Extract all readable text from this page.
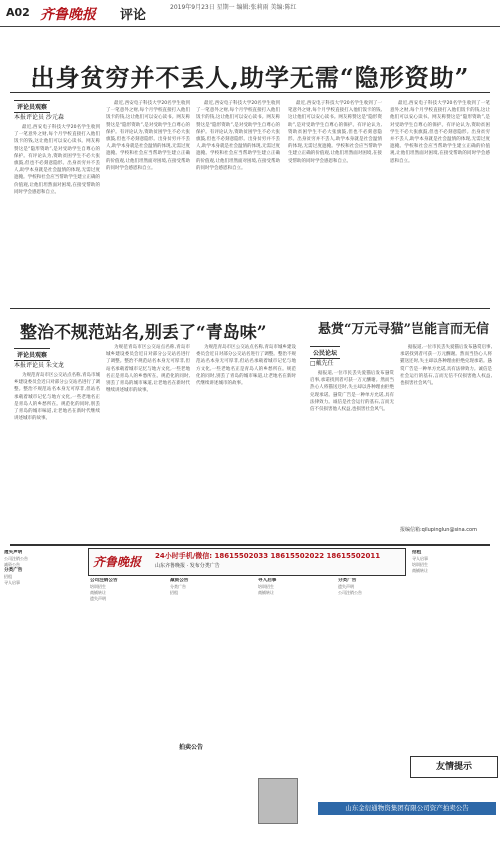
A02 齐鲁晚报 评论
2019年9月23日 星期一 编辑:张莉雨 美编:陈红
出身贫穷并不丢人,助学无需“隐形资助”
评论员观察
本报评论员 沙元森

最近,西安电子科技大学20名学生收到了一笔意外之财,每个月学校直接打入他们饭卡的钱,这让他们可以安心读书。网友称赞这是“隐形资助”,是对受助学生自尊心的保护。有评论认为,资助贫困学生不必大张旗鼓,但也不必刻意隐形。出身贫穷并不丢人,助学本身就是社会温情的体现,无需过度遮掩。学校和社会应当帮助学生建立正确的价值观,让他们坦然面对困境,在接受帮助的同时学会感恩和自立。

最近,西安电子科技大学20名学生收到了一笔意外之财,每个月学校直接打入他们饭卡的钱,这让他们可以安心读书。网友称赞这是“隐形资助”,是对受助学生自尊心的保护。有评论认为,资助贫困学生不必大张旗鼓,但也不必刻意隐形。出身贫穷并不丢人,助学本身就是社会温情的体现,无需过度遮掩。学校和社会应当帮助学生建立正确的价值观,让他们坦然面对困境,在接受帮助的同时学会感恩和自立。

最近,西安电子科技大学20名学生收到了一笔意外之财,每个月学校直接打入他们饭卡的钱,这让他们可以安心读书。网友称赞这是“隐形资助”,是对受助学生自尊心的保护。有评论认为,资助贫困学生不必大张旗鼓,但也不必刻意隐形。出身贫穷并不丢人,助学本身就是社会温情的体现,无需过度遮掩。学校和社会应当帮助学生建立正确的价值观,让他们坦然面对困境,在接受帮助的同时学会感恩和自立。

最近,西安电子科技大学20名学生收到了一笔意外之财,每个月学校直接打入他们饭卡的钱,这让他们可以安心读书。网友称赞这是“隐形资助”,是对受助学生自尊心的保护。有评论认为,资助贫困学生不必大张旗鼓,但也不必刻意隐形。出身贫穷并不丢人,助学本身就是社会温情的体现,无需过度遮掩。学校和社会应当帮助学生建立正确的价值观,让他们坦然面对困境,在接受帮助的同时学会感恩和自立。

最近,西安电子科技大学20名学生收到了一笔意外之财,每个月学校直接打入他们饭卡的钱,这让他们可以安心读书。网友称赞这是“隐形资助”,是对受助学生自尊心的保护。有评论认为,资助贫困学生不必大张旗鼓,但也不必刻意隐形。出身贫穷并不丢人,助学本身就是社会温情的体现,无需过度遮掩。学校和社会应当帮助学生建立正确的价值观,让他们坦然面对困境,在接受帮助的同时学会感恩和自立。

整治不规范站名,别丢了“青岛味”	悬赏“万元寻猫”岂能言而无信
评论员观察
本报评论员 朱文龙

为规范青岛市区公交站点名称,青岛市城乡建设委员会近日对部分公交站名进行了调整。整治不规范站名本身无可厚非,但站名承载着城市记忆与地方文化,一些老地名正是青岛人的乡愁所在。规范化的同时,别丢了青岛的城市味道,让老地名在新时代继续讲述城市的故事。

为规范青岛市区公交站点名称,青岛市城乡建设委员会近日对部分公交站名进行了调整。整治不规范站名本身无可厚非,但站名承载着城市记忆与地方文化,一些老地名正是青岛人的乡愁所在。规范化的同时,别丢了青岛的城市味道,让老地名在新时代继续讲述城市的故事。

为规范青岛市区公交站点名称,青岛市城乡建设委员会近日对部分公交站名进行了调整。整治不规范站名本身无可厚非,但站名承载着城市记忆与地方文化,一些老地名正是青岛人的乡愁所在。规范化的同时,别丢了青岛的城市味道,让老地名在新时代继续讲述城市的故事。

公民论坛
□戴先任

据报道,一位市民丢失爱猫后发布悬赏启事,承诺找到者可获一万元酬谢。然而当热心人将猫送还时,失主却以各种理由拒绝兑现承诺。悬赏广告是一种单方允诺,具有法律效力。诚信是社会运行的基石,言而无信不仅损害他人权益,也损害社会风气。

据报道,一位市民丢失爱猫后发布悬赏启事,承诺找到者可获一万元酬谢。然而当热心人将猫送还时,失主却以各种理由拒绝兑现承诺。悬赏广告是一种单方允诺,具有法律效力。诚信是社会运行的基石,言而无信不仅损害他人权益,也损害社会风气。

报编信箱:qilupinglun@sina.com
齐鲁晚报 24小时手机/微信: 18615502033 18615502022 18615502011
山东齐鲁晚报 · 发布分类广告
遗失声明
公司注销公告
减资公告
分类广告
招租
寻人启事	公司注销公告
培训招生
商铺转让
遗失声明
减资公告
分类广告
招租
寻人启事
培训招生
商铺转让
分类广告
遗失声明
公司注销公告
招租
寻人启事
培训招生
商铺转让
拍卖公告
友情提示
山东金衍通物资集团有限公司资产拍卖公告
